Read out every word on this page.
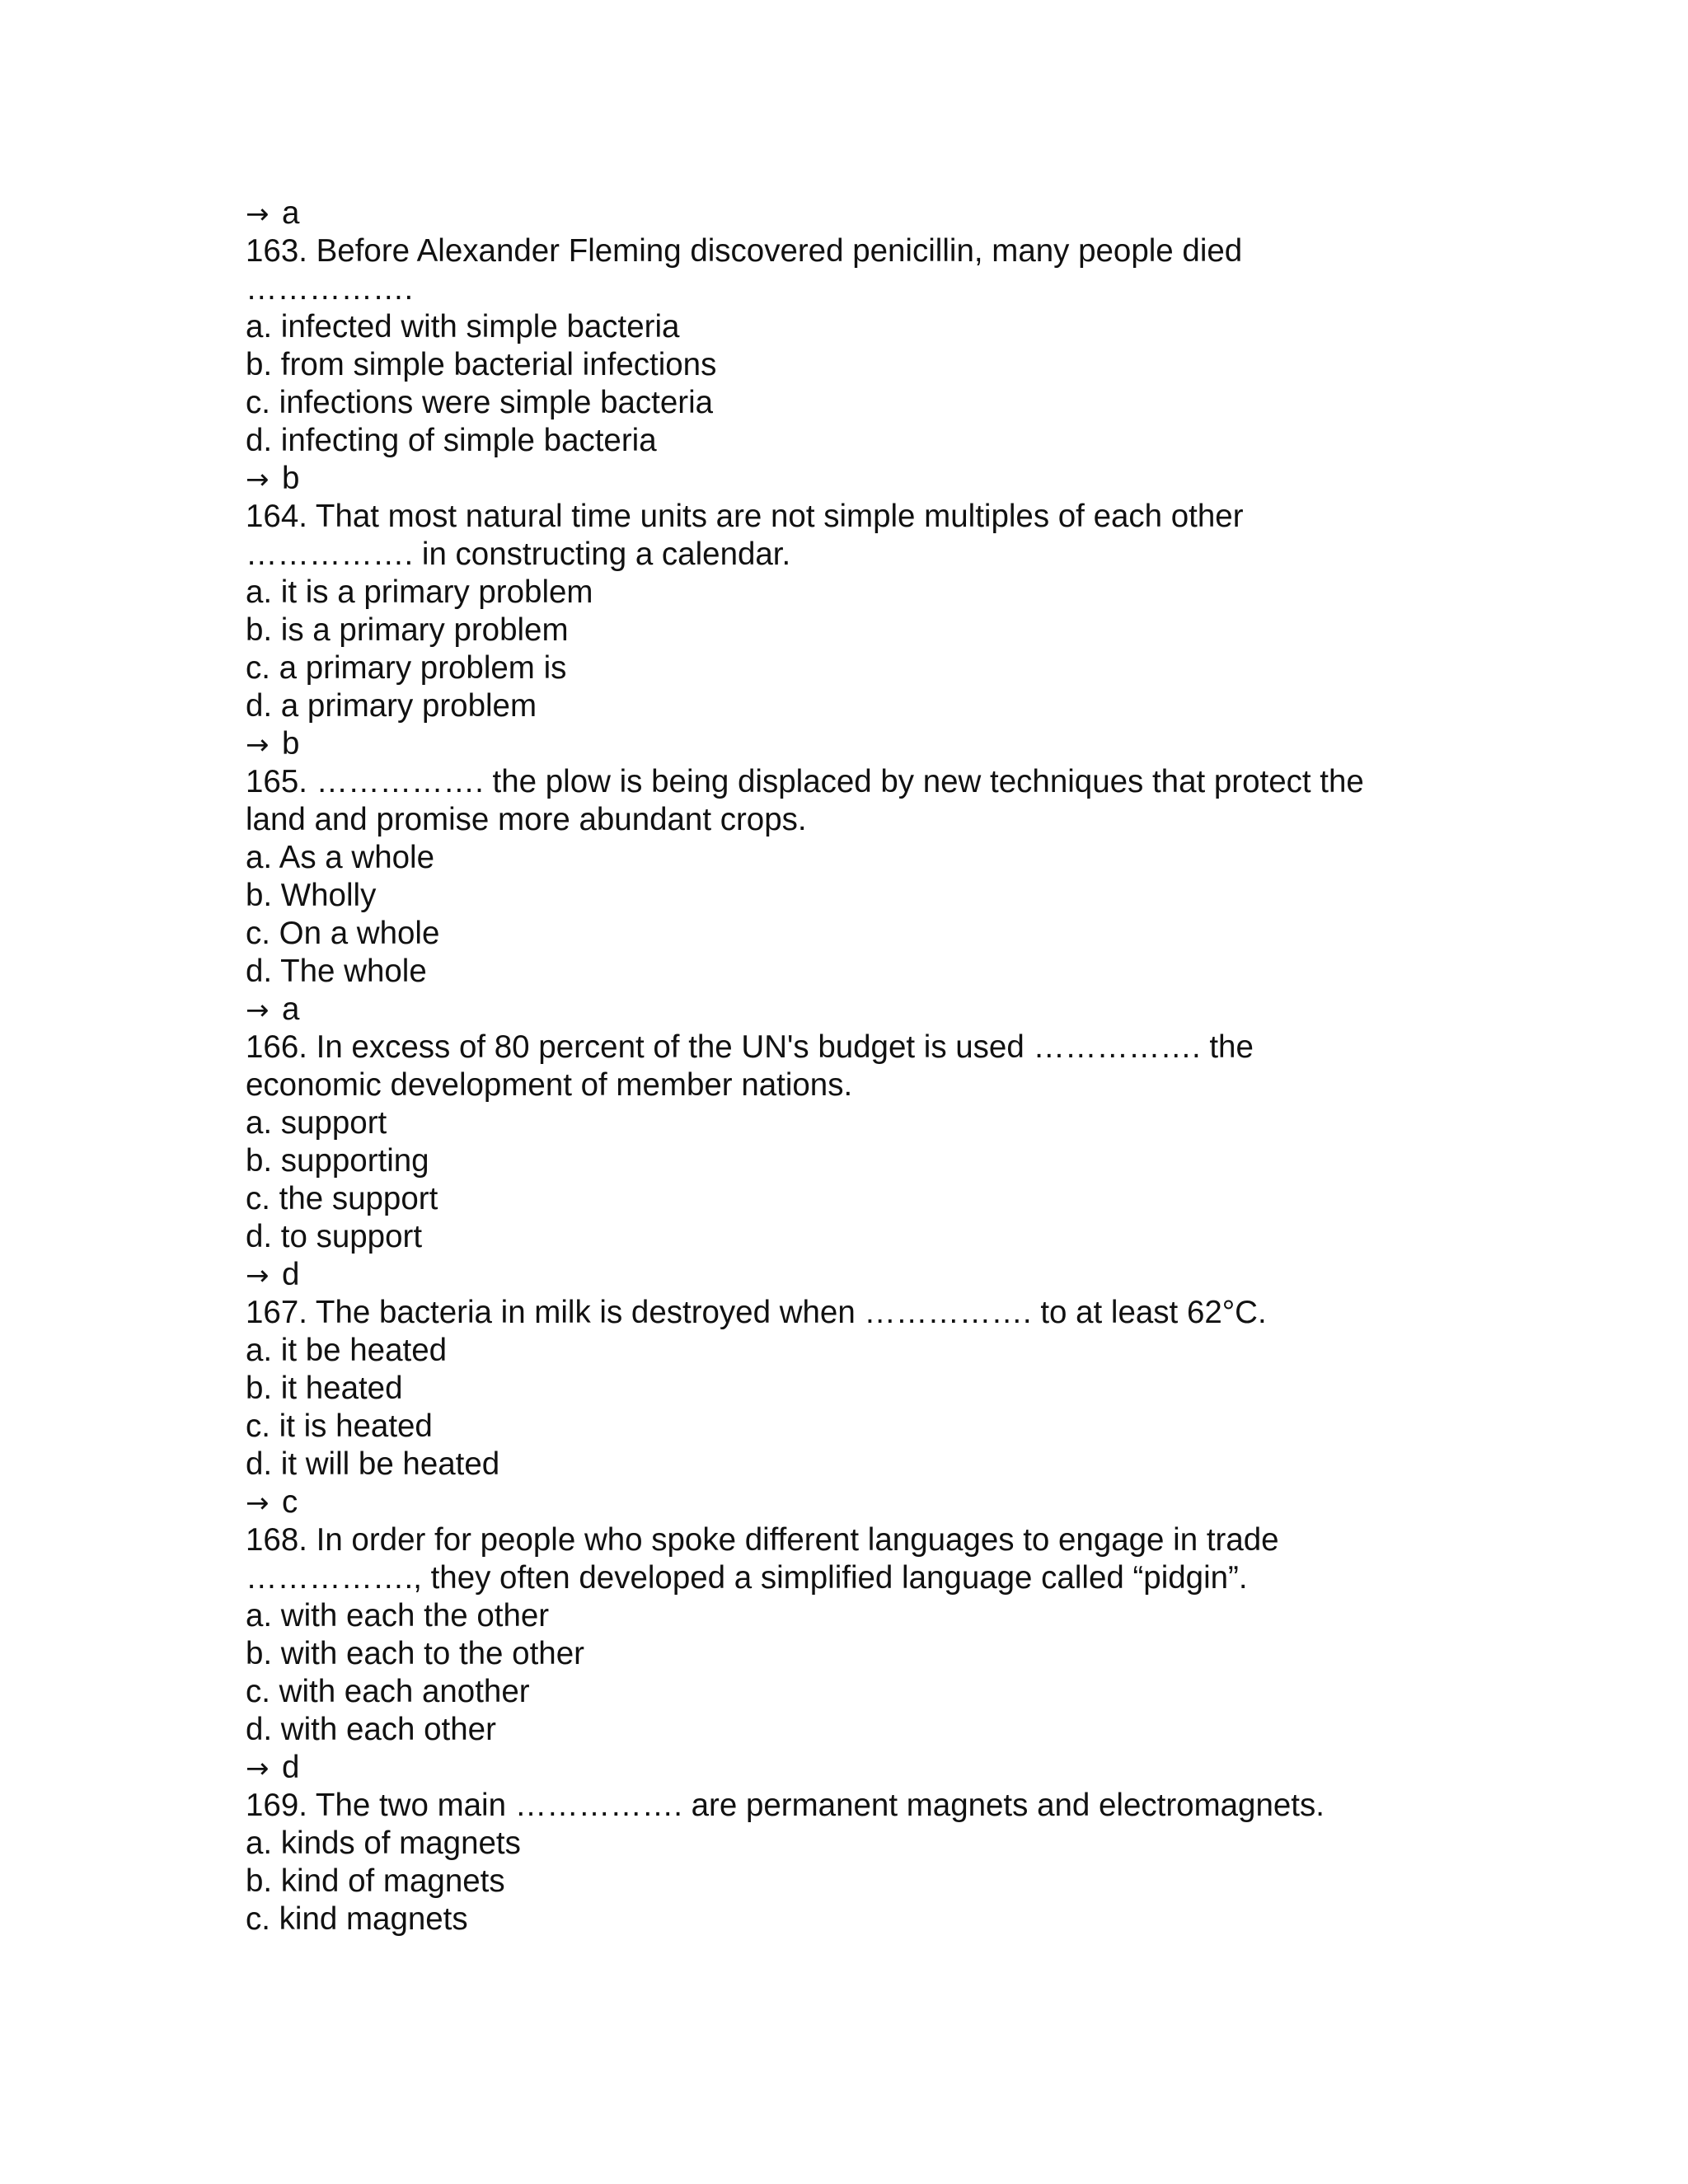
→ a
163. Before Alexander Fleming discovered penicillin, many people died
…………….
a. infected with simple bacteria
b. from simple bacterial infections
c. infections were simple bacteria
d. infecting of simple bacteria
→ b
164. That most natural time units are not simple multiples of each other
……………. in constructing a calendar.
a. it is a primary problem
b. is a primary problem
c. a primary problem is
d. a primary problem
→ b
165. ……………. the plow is being displaced by new techniques that protect the
land and promise more abundant crops.
a. As a whole
b. Wholly
c. On a whole
d. The whole
→ a
166. In excess of 80 percent of the UN's budget is used ……………. the
economic development of member nations.
a. support
b. supporting
c. the support
d. to support
→ d
167. The bacteria in milk is destroyed when ……………. to at least 62°C.
a. it be heated
b. it heated
c. it is heated
d. it will be heated
→ c
168. In order for people who spoke different languages to engage in trade
……………., they often developed a simplified language called “pidgin”.
a. with each the other
b. with each to the other
c. with each another
d. with each other
→ d
169. The two main ……………. are permanent magnets and electromagnets.
a. kinds of magnets
b. kind of magnets
c. kind magnets
